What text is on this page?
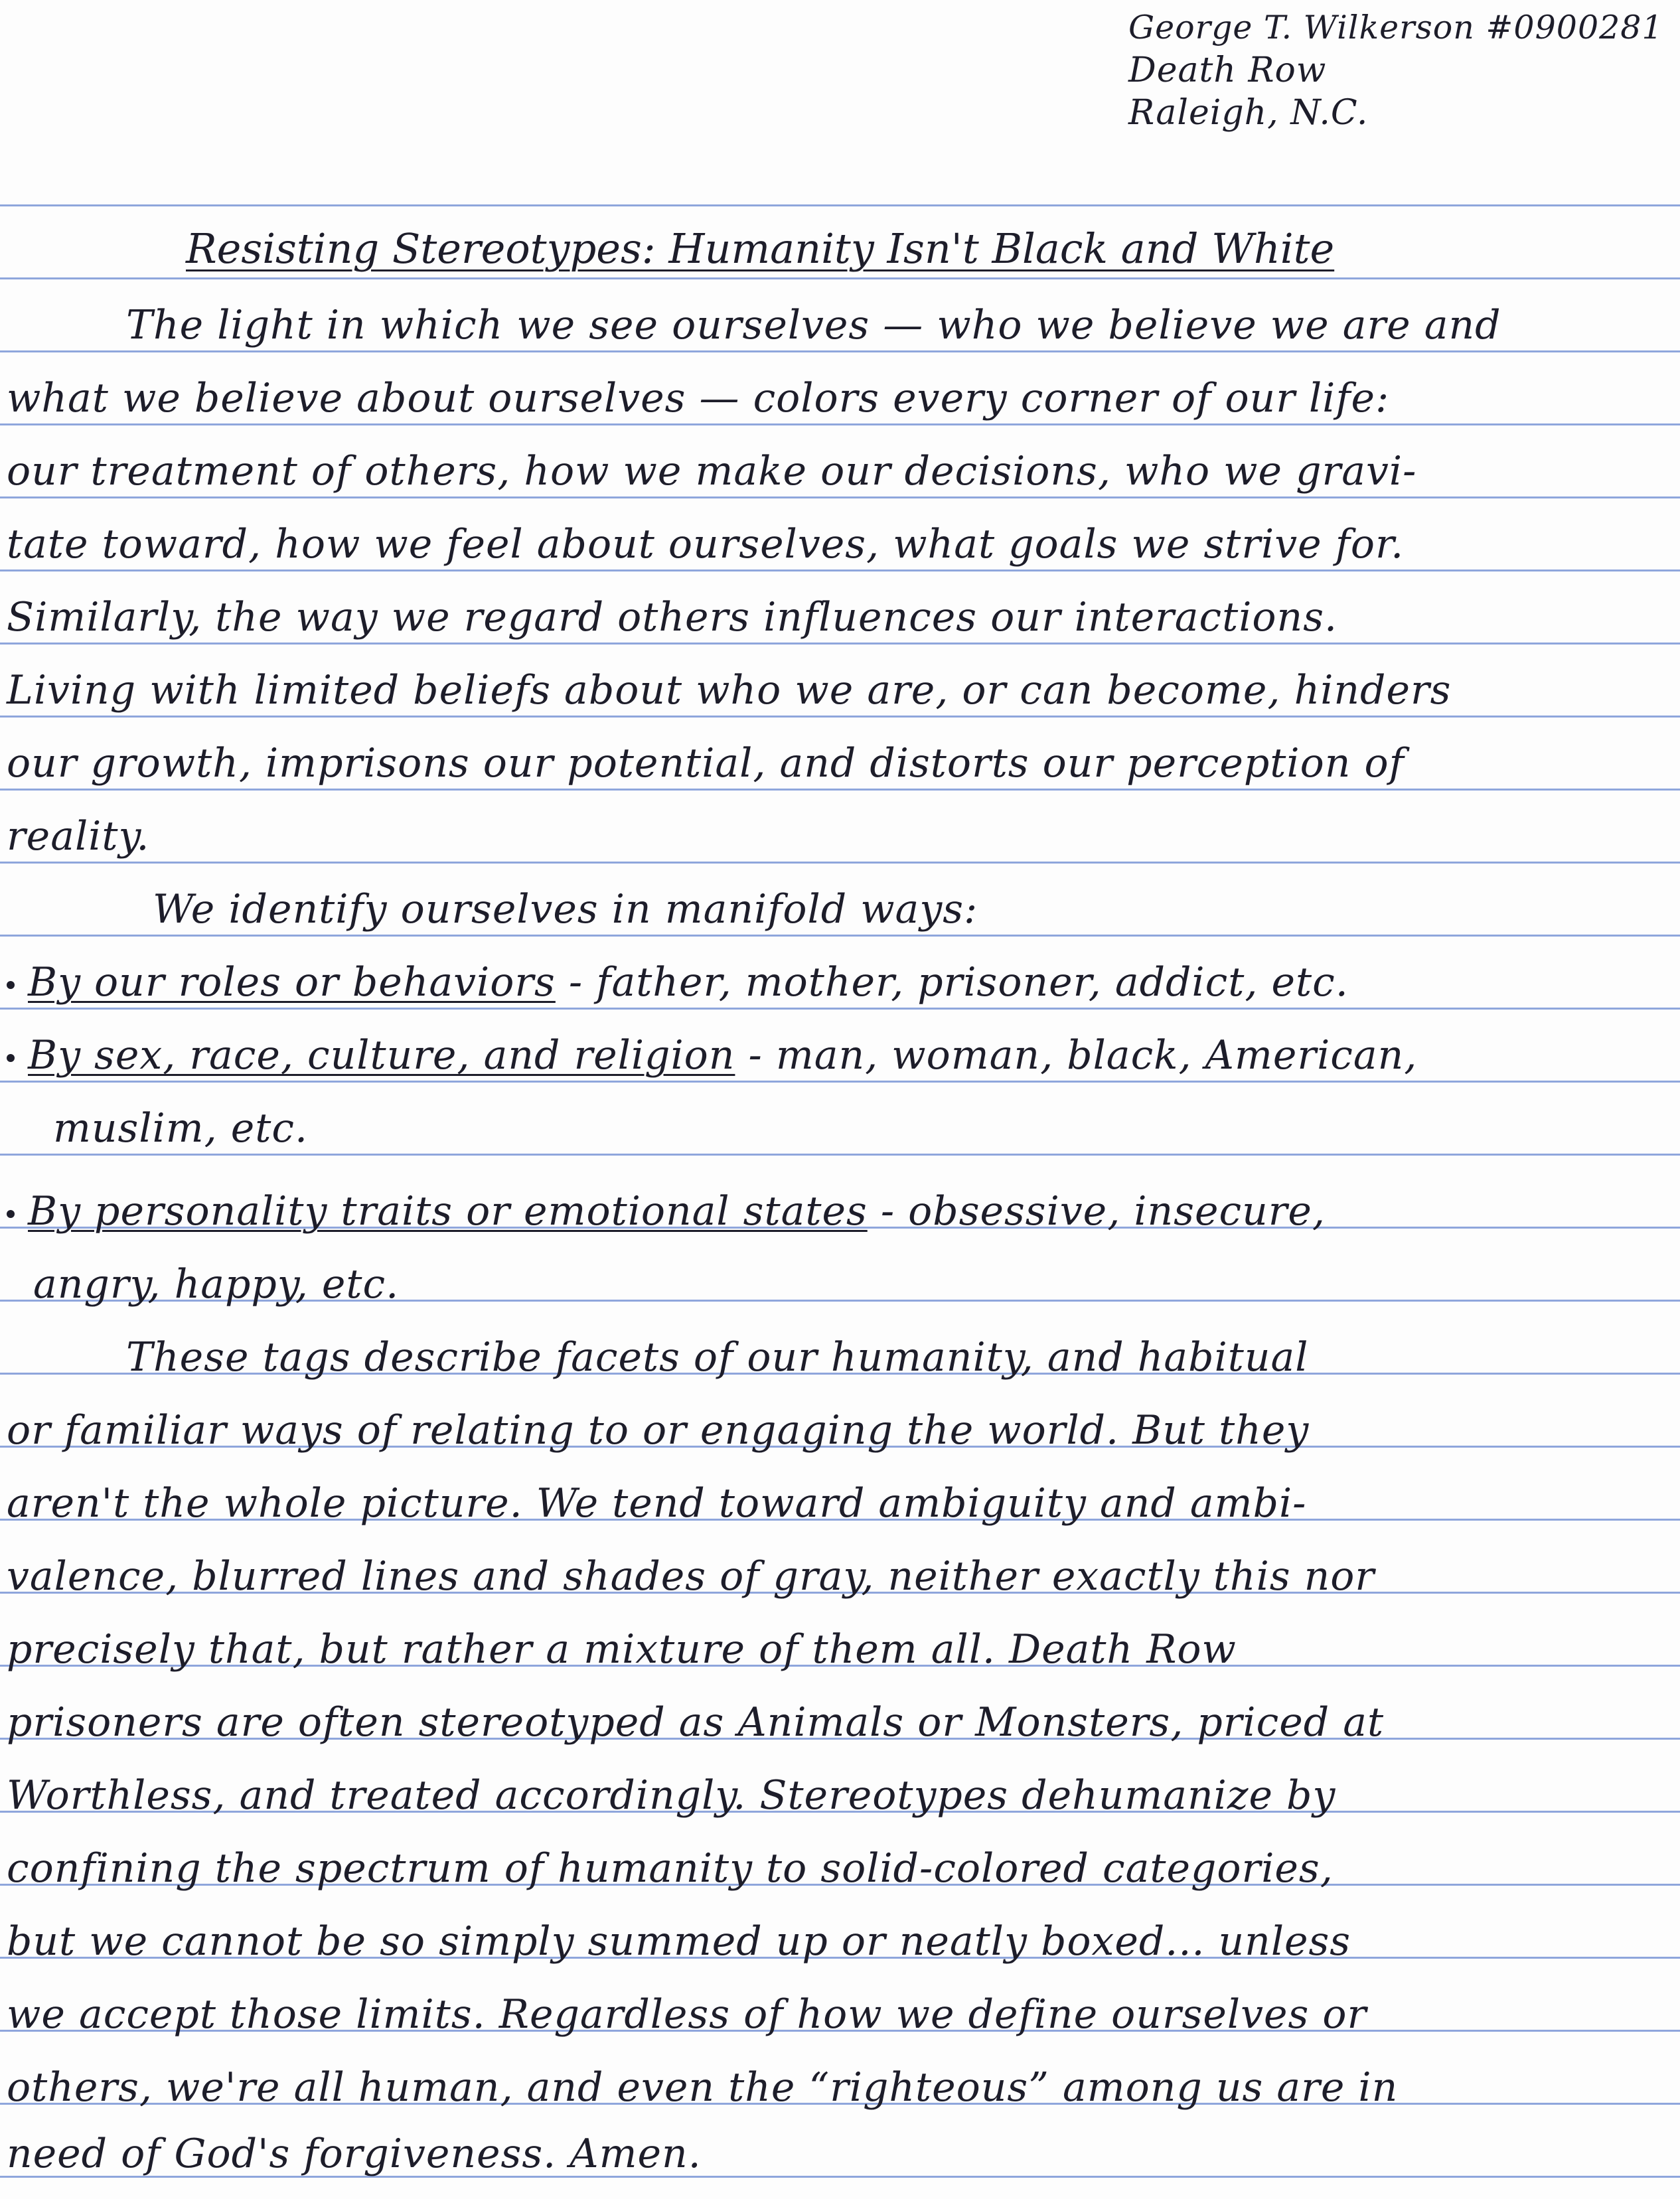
George T. Wilkerson #0900281
Death Row
Raleigh, N.C.
Resisting Stereotypes: Humanity Isn't Black and White
The light in which we see ourselves — who we believe we are and
what we believe about ourselves — colors every corner of our life:
our treatment of others, how we make our decisions, who we gravi-
tate toward, how we feel about ourselves, what goals we strive for.
Similarly, the way we regard others influences our interactions.
Living with limited beliefs about who we are, or can become, hinders
our growth, imprisons our potential, and distorts our perception of
reality.
We identify ourselves in manifold ways:
By our roles or behaviors - father, mother, prisoner, addict, etc.
By sex, race, culture, and religion - man, woman, black, American,
muslim, etc.
By personality traits or emotional states - obsessive, insecure,
angry, happy, etc.
These tags describe facets of our humanity, and habitual
or familiar ways of relating to or engaging the world. But they
aren't the whole picture. We tend toward ambiguity and ambi-
valence, blurred lines and shades of gray, neither exactly this nor
precisely that, but rather a mixture of them all. Death Row
prisoners are often stereotyped as Animals or Monsters, priced at
Worthless, and treated accordingly. Stereotypes dehumanize by
confining the spectrum of humanity to solid-colored categories,
but we cannot be so simply summed up or neatly boxed... unless
we accept those limits. Regardless of how we define ourselves or
others, we're all human, and even the “righteous” among us are in
need of God's forgiveness. Amen.
